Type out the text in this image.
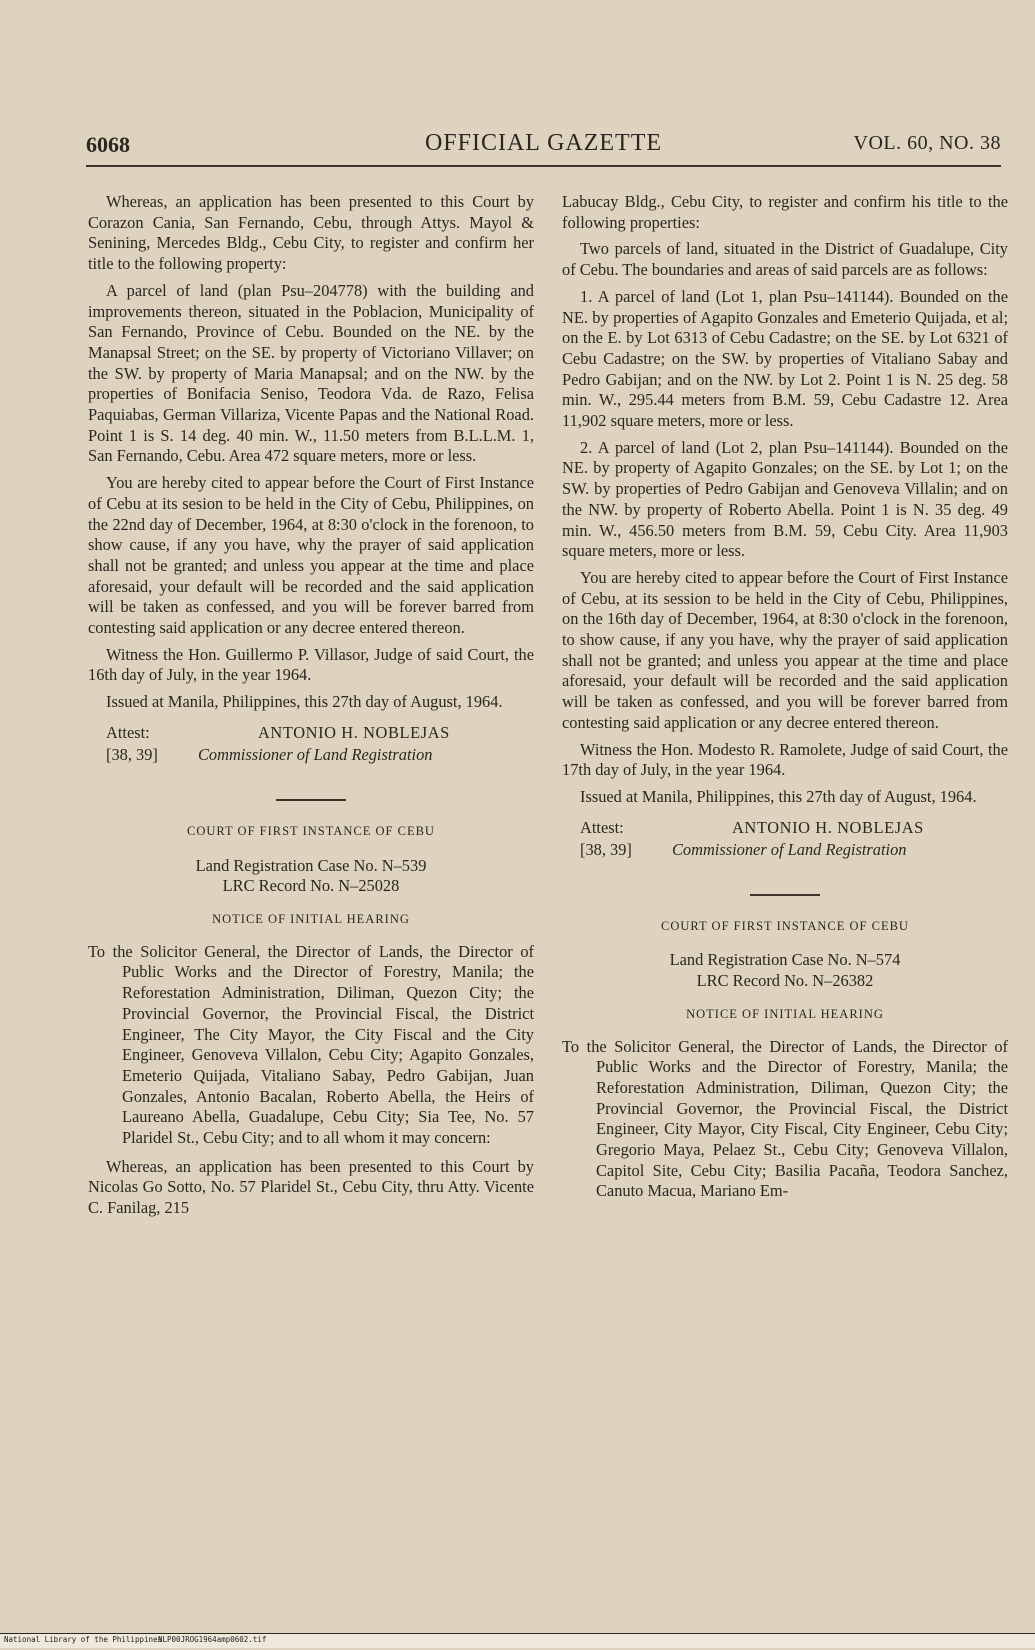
6068	OFFICIAL GAZETTE	VOL. 60, NO. 38

Whereas, an application has been presented to this Court by Corazon Cania, San Fernando, Cebu, through Attys. Mayol & Senining, Mercedes Bldg., Cebu City, to register and confirm her title to the following property:

A parcel of land (plan Psu–204778) with the building and improvements thereon, situated in the Poblacion, Municipality of San Fernando, Province of Cebu. Bounded on the NE. by the Manapsal Street; on the SE. by property of Victoriano Villaver; on the SW. by property of Maria Manapsal; and on the NW. by the properties of Bonifacia Seniso, Teodora Vda. de Razo, Felisa Paquiabas, German Villariza, Vicente Papas and the National Road. Point 1 is S. 14 deg. 40 min. W., 11.50 meters from B.L.L.M. 1, San Fernando, Cebu. Area 472 square meters, more or less.

You are hereby cited to appear before the Court of First Instance of Cebu at its sesion to be held in the City of Cebu, Philippines, on the 22nd day of December, 1964, at 8:30 o'clock in the forenoon, to show cause, if any you have, why the prayer of said application shall not be granted; and unless you appear at the time and place aforesaid, your default will be recorded and the said application will be taken as confessed, and you will be forever barred from contesting said application or any decree entered thereon.

Witness the Hon. Guillermo P. Villasor, Judge of said Court, the 16th day of July, in the year 1964.

Issued at Manila, Philippines, this 27th day of August, 1964.

Attest:
[38, 39]
ANTONIO H. NOBLEJAS
Commissioner of Land Registration

COURT OF FIRST INSTANCE OF CEBU

Land Registration Case No. N–539

LRC Record No. N–25028

NOTICE OF INITIAL HEARING

To the Solicitor General, the Director of Lands, the Director of Public Works and the Director of Forestry, Manila; the Reforestation Administration, Diliman, Quezon City; the Provincial Governor, the Provincial Fiscal, the District Engineer, The City Mayor, the City Fiscal and the City Engineer, Genoveva Villalon, Cebu City; Agapito Gonzales, Emeterio Quijada, Vitaliano Sabay, Pedro Gabijan, Juan Gonzales, Antonio Bacalan, Roberto Abella, the Heirs of Laureano Abella, Guadalupe, Cebu City; Sia Tee, No. 57 Plaridel St., Cebu City; and to all whom it may concern:

Whereas, an application has been presented to this Court by Nicolas Go Sotto, No. 57 Plaridel St., Cebu City, thru Atty. Vicente C. Fanilag, 215

Labucay Bldg., Cebu City, to register and confirm his title to the following properties:

Two parcels of land, situated in the District of Guadalupe, City of Cebu. The boundaries and areas of said parcels are as follows:

1. A parcel of land (Lot 1, plan Psu–141144). Bounded on the NE. by properties of Agapito Gonzales and Emeterio Quijada, et al; on the E. by Lot 6313 of Cebu Cadastre; on the SE. by Lot 6321 of Cebu Cadastre; on the SW. by properties of Vitaliano Sabay and Pedro Gabijan; and on the NW. by Lot 2. Point 1 is N. 25 deg. 58 min. W., 295.44 meters from B.M. 59, Cebu Cadastre 12. Area 11,902 square meters, more or less.

2. A parcel of land (Lot 2, plan Psu–141144). Bounded on the NE. by property of Agapito Gonzales; on the SE. by Lot 1; on the SW. by properties of Pedro Gabijan and Genoveva Villalin; and on the NW. by property of Roberto Abella. Point 1 is N. 35 deg. 49 min. W., 456.50 meters from B.M. 59, Cebu City. Area 11,903 square meters, more or less.

You are hereby cited to appear before the Court of First Instance of Cebu, at its session to be held in the City of Cebu, Philippines, on the 16th day of December, 1964, at 8:30 o'clock in the forenoon, to show cause, if any you have, why the prayer of said application shall not be granted; and unless you appear at the time and place aforesaid, your default will be recorded and the said application will be taken as confessed, and you will be forever barred from contesting said application or any decree entered thereon.

Witness the Hon. Modesto R. Ramolete, Judge of said Court, the 17th day of July, in the year 1964.

Issued at Manila, Philippines, this 27th day of August, 1964.

Attest:
[38, 39]
ANTONIO H. NOBLEJAS
Commissioner of Land Registration

COURT OF FIRST INSTANCE OF CEBU

Land Registration Case No. N–574

LRC Record No. N–26382

NOTICE OF INITIAL HEARING

To the Solicitor General, the Director of Lands, the Director of Public Works and the Director of Forestry, Manila; the Reforestation Administration, Diliman, Quezon City; the Provincial Governor, the Provincial Fiscal, the District Engineer, City Mayor, City Fiscal, City Engineer, Cebu City; Gregorio Maya, Pelaez St., Cebu City; Genoveva Villalon, Capitol Site, Cebu City; Basilia Pacaña, Teodora Sanchez, Canuto Macua, Mariano Em-

National Library of the Philippines
NLP00JROG1964amp0602.tif
